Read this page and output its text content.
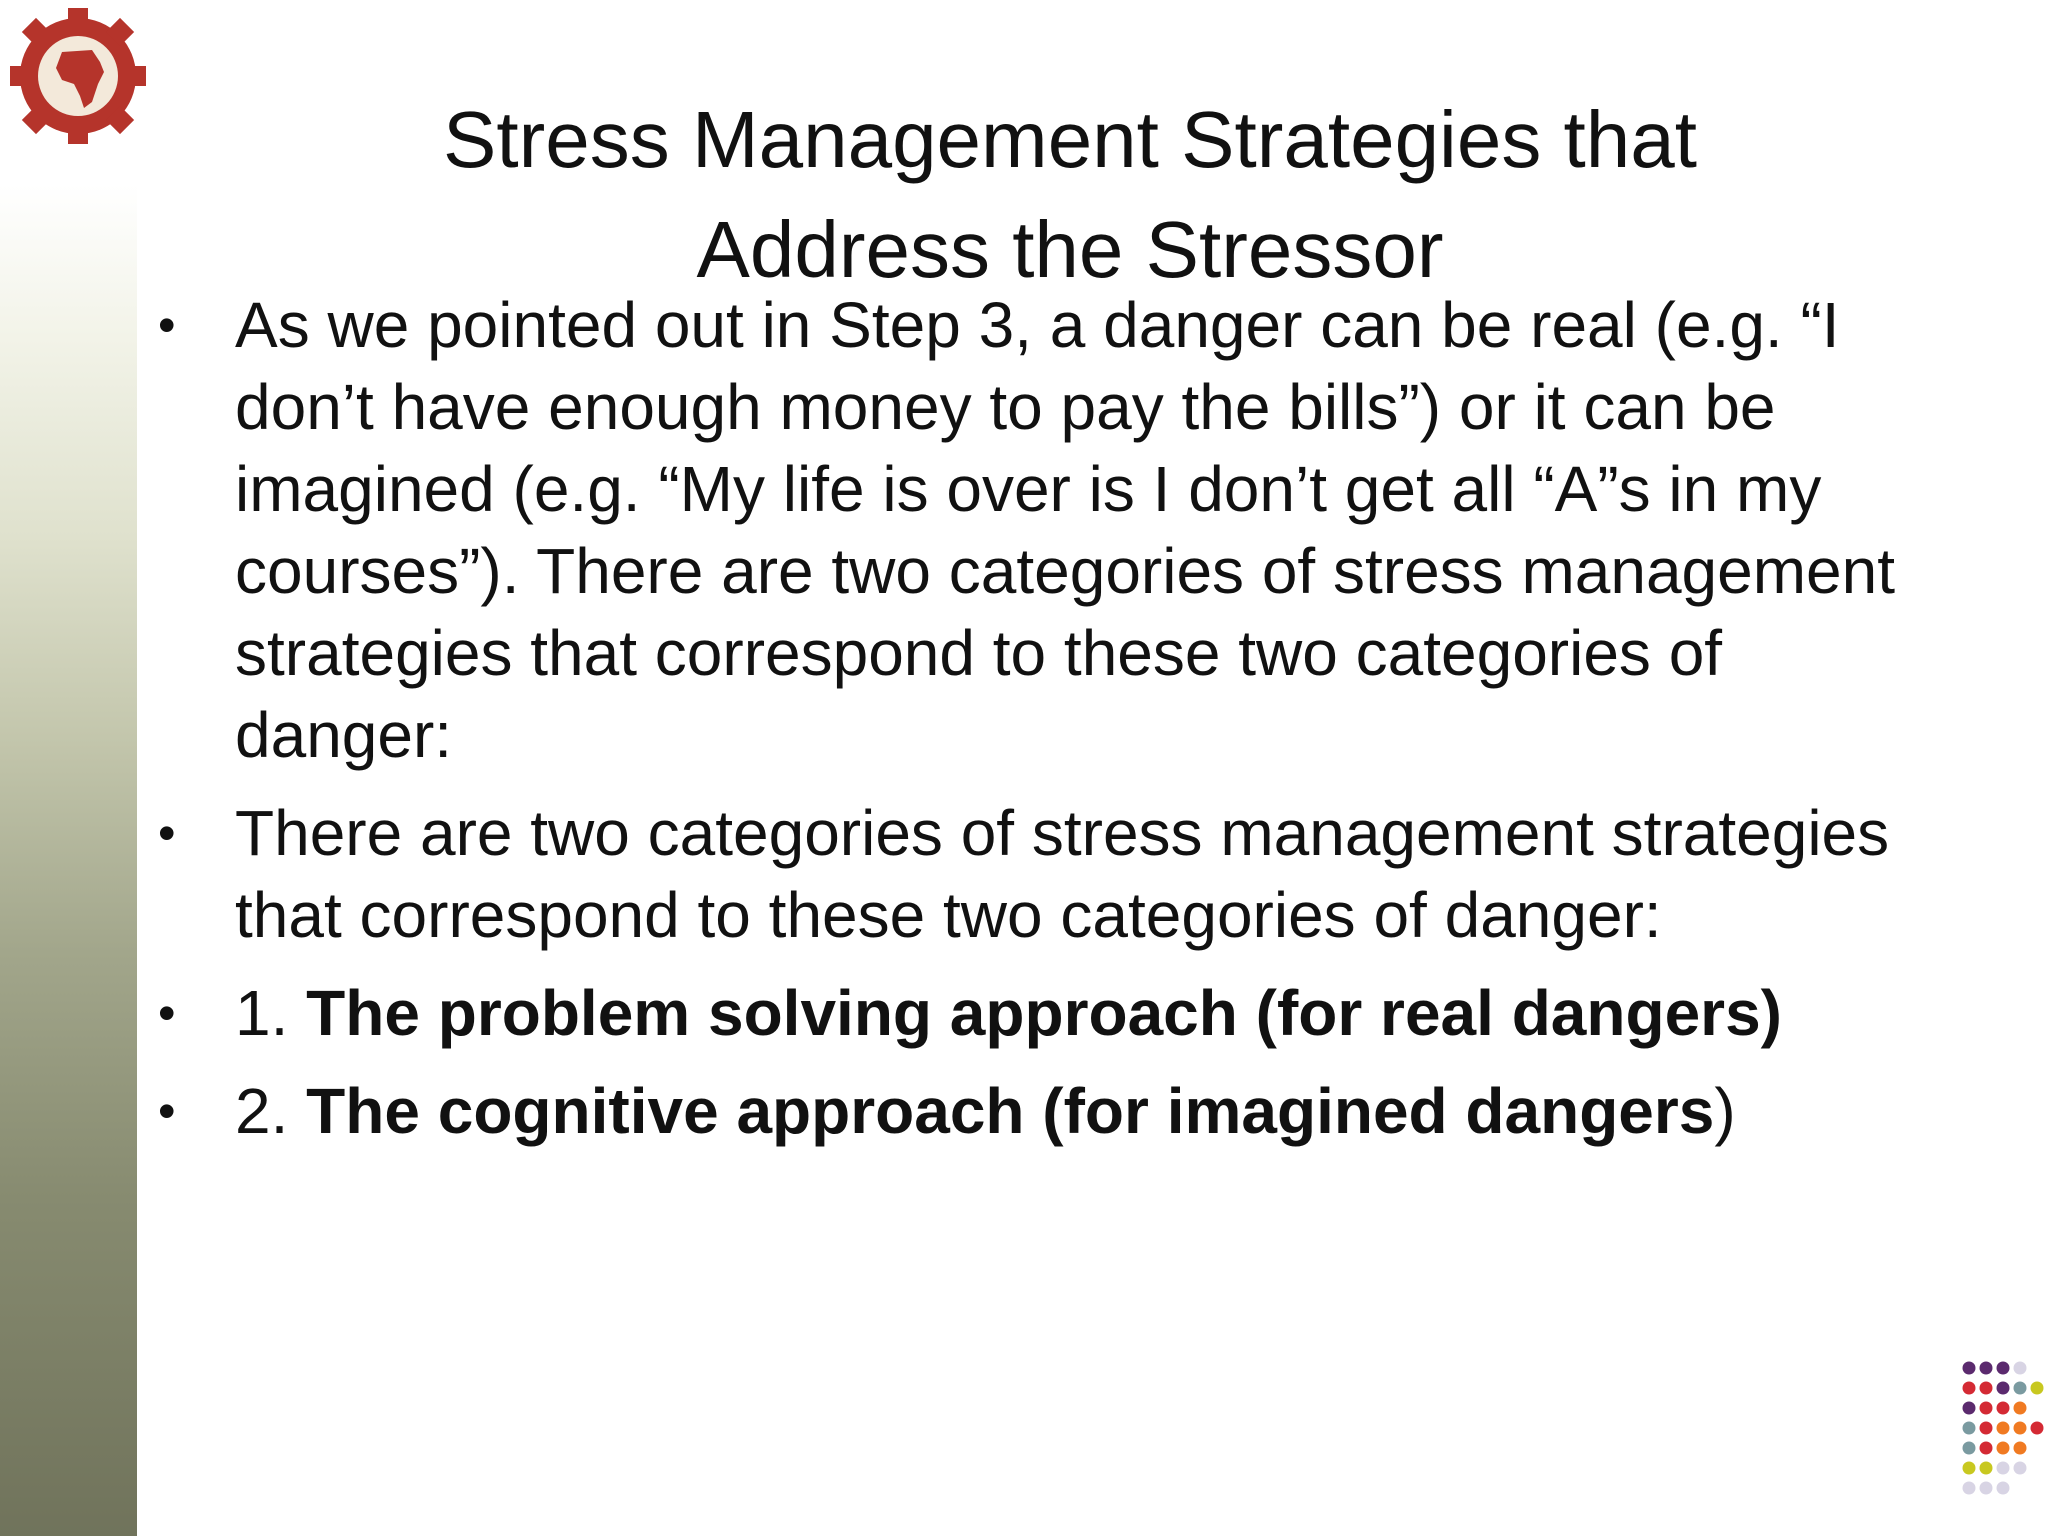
Stress Management Strategies that
Address the Stressor
• As we pointed out in Step 3, a danger can be real (e.g. “I don’t have enough money to pay the bills”) or it can be imagined (e.g. “My life is over is I don’t get all “A”s in my courses”). There are two categories of stress management strategies that correspond to these two categories of danger:
• There are two categories of stress management strategies that correspond to these two categories of danger:
• 1. The problem solving approach (for real dangers)
• 2. The cognitive approach (for imagined dangers)
